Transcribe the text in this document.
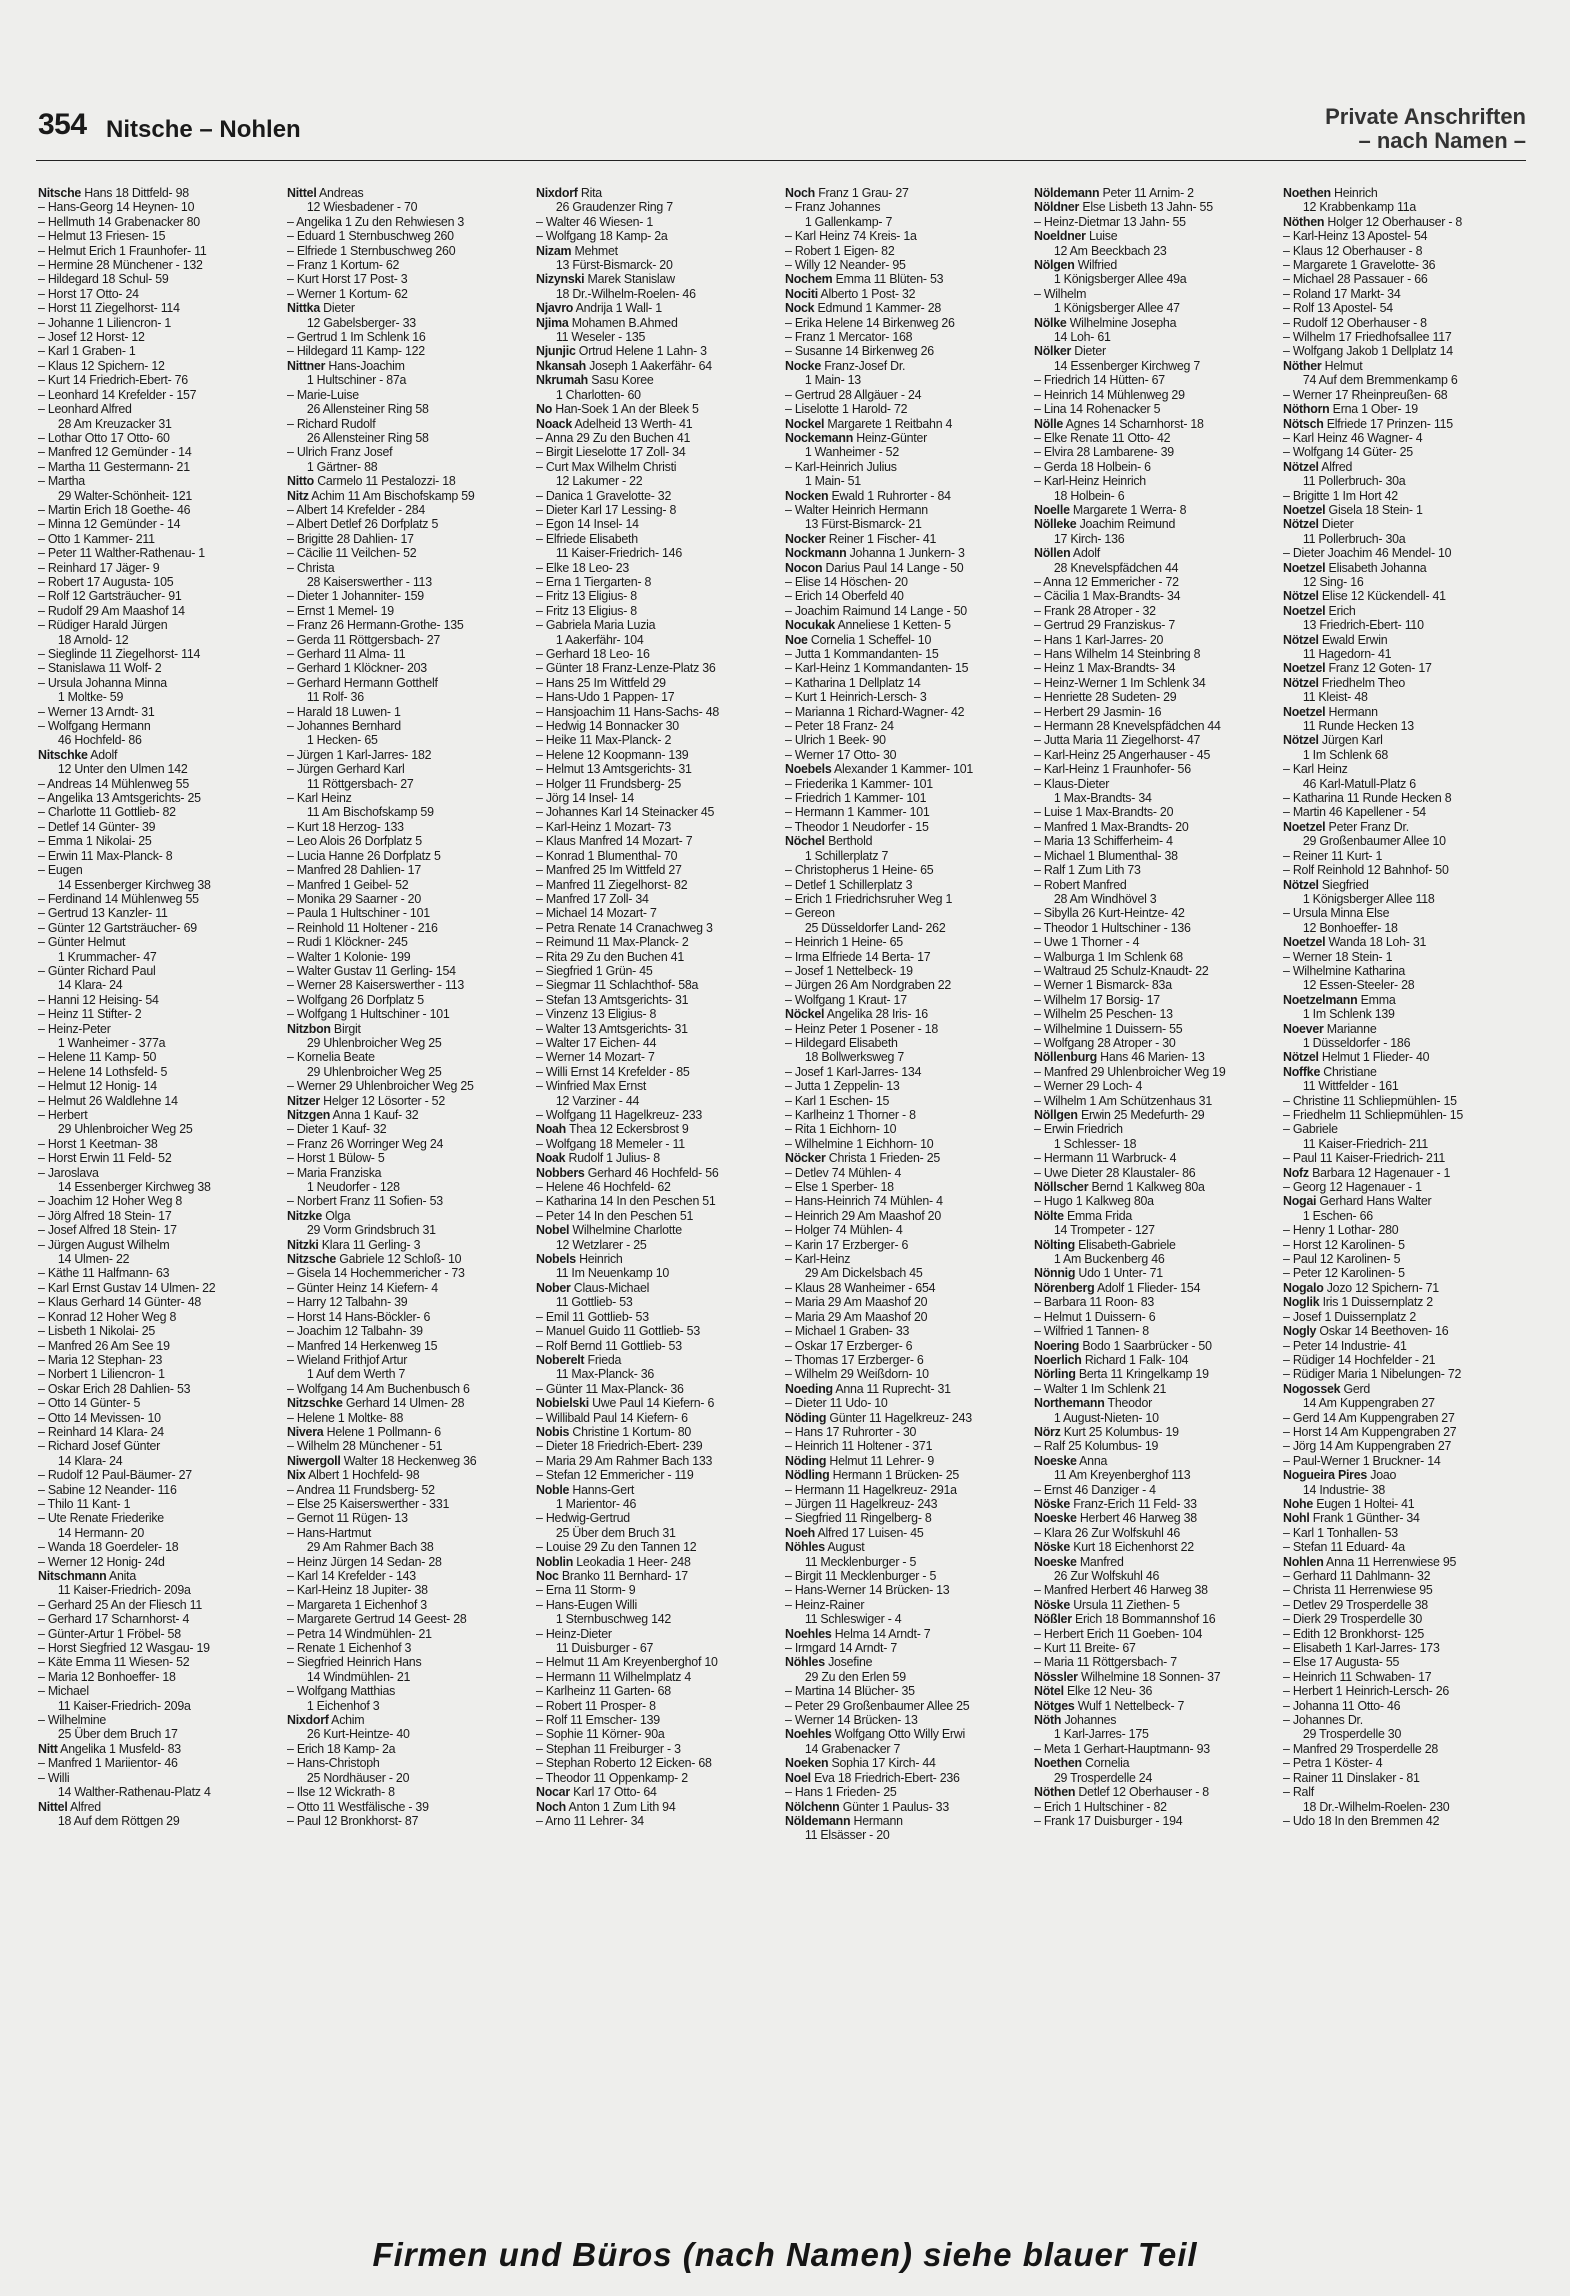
354 Nitsche – Nohlen	Private Anschriften
– nach Namen –
Nitsche Hans 18 Dittfeld- 98
– Hans-Georg 14 Heynen- 10
– Hellmuth 14 Grabenacker 80
– Helmut 13 Friesen- 15
– Helmut Erich 1 Fraunhofer- 11
– Hermine 28 Münchener - 132
– Hildegard 18 Schul- 59
– Horst 17 Otto- 24
– Horst 11 Ziegelhorst- 114
– Johanne 1 Liliencron- 1
– Josef 12 Horst- 12
– Karl 1 Graben- 1
– Klaus 12 Spichern- 12
– Kurt 14 Friedrich-Ebert- 76
– Leonhard 14 Krefelder - 157
– Leonhard Alfred
28 Am Kreuzacker 31
– Lothar Otto 17 Otto- 60
– Manfred 12 Gemünder - 14
– Martha 11 Gestermann- 21
– Martha
29 Walter-Schönheit- 121
– Martin Erich 18 Goethe- 46
– Minna 12 Gemünder - 14
– Otto 1 Kammer- 211
– Peter 11 Walther-Rathenau- 1
– Reinhard 17 Jäger- 9
– Robert 17 Augusta- 105
– Rolf 12 Gartsträucher- 91
– Rudolf 29 Am Maashof 14
– Rüdiger Harald Jürgen
18 Arnold- 12
– Sieglinde 11 Ziegelhorst- 114
– Stanislawa 11 Wolf- 2
– Ursula Johanna Minna
1 Moltke- 59
– Werner 13 Arndt- 31
– Wolfgang Hermann
46 Hochfeld- 86
Nitschke Adolf
12 Unter den Ulmen 142
– Andreas 14 Mühlenweg 55
– Angelika 13 Amtsgerichts- 25
– Charlotte 11 Gottlieb- 82
– Detlef 14 Günter- 39
– Emma 1 Nikolai- 25
– Erwin 11 Max-Planck- 8
– Eugen
14 Essenberger Kirchweg 38
– Ferdinand 14 Mühlenweg 55
– Gertrud 13 Kanzler- 11
– Günter 12 Gartsträucher- 69
– Günter Helmut
1 Krummacher- 47
– Günter Richard Paul
14 Klara- 24
– Hanni 12 Heising- 54
– Heinz 11 Stifter- 2
– Heinz-Peter
1 Wanheimer - 377a
– Helene 11 Kamp- 50
– Helene 14 Lothsfeld- 5
– Helmut 12 Honig- 14
– Helmut 26 Waldlehne 14
– Herbert
29 Uhlenbroicher Weg 25
– Horst 1 Keetman- 38
– Horst Erwin 11 Feld- 52
– Jaroslava
14 Essenberger Kirchweg 38
– Joachim 12 Hoher Weg 8
– Jörg Alfred 18 Stein- 17
– Josef Alfred 18 Stein- 17
– Jürgen August Wilhelm
14 Ulmen- 22
– Käthe 11 Halfmann- 63
– Karl Ernst Gustav 14 Ulmen- 22
– Klaus Gerhard 14 Günter- 48
– Konrad 12 Hoher Weg 8
– Lisbeth 1 Nikolai- 25
– Manfred 26 Am See 19
– Maria 12 Stephan- 23
– Norbert 1 Liliencron- 1
– Oskar Erich 28 Dahlien- 53
– Otto 14 Günter- 5
– Otto 14 Mevissen- 10
– Reinhard 14 Klara- 24
– Richard Josef Günter
14 Klara- 24
– Rudolf 12 Paul-Bäumer- 27
– Sabine 12 Neander- 116
– Thilo 11 Kant- 1
– Ute Renate Friederike
14 Hermann- 20
– Wanda 18 Goerdeler- 18
– Werner 12 Honig- 24d
Nitschmann Anita
11 Kaiser-Friedrich- 209a
– Gerhard 25 An der Fliesch 11
– Gerhard 17 Scharnhorst- 4
– Günter-Artur 1 Fröbel- 58
– Horst Siegfried 12 Wasgau- 19
– Käte Emma 11 Wiesen- 52
– Maria 12 Bonhoeffer- 18
– Michael
11 Kaiser-Friedrich- 209a
– Wilhelmine
25 Über dem Bruch 17
Nitt Angelika 1 Musfeld- 83
– Manfred 1 Mariientor- 46
– Willi
14 Walther-Rathenau-Platz 4
Nittel Alfred
18 Auf dem Röttgen 29
Nittel Andreas
12 Wiesbadener - 70
– Angelika 1 Zu den Rehwiesen 3
– Eduard 1 Sternbuschweg 260
– Elfriede 1 Sternbuschweg 260
– Franz 1 Kortum- 62
– Kurt Horst 17 Post- 3
– Werner 1 Kortum- 62
Nittka Dieter
12 Gabelsberger- 33
– Gertrud 1 Im Schlenk 16
– Hildegard 11 Kamp- 122
Nittner Hans-Joachim
1 Hultschiner - 87a
– Marie-Luise
26 Allensteiner Ring 58
– Richard Rudolf
26 Allensteiner Ring 58
– Ulrich Franz Josef
1 Gärtner- 88
Nitto Carmelo 11 Pestalozzi- 18
Nitz Achim 11 Am Bischofskamp 59
– Albert 14 Krefelder - 284
– Albert Detlef 26 Dorfplatz 5
– Brigitte 28 Dahlien- 17
– Cäcilie 11 Veilchen- 52
– Christa
28 Kaiserswerther - 113
– Dieter 1 Johanniter- 159
– Ernst 1 Memel- 19
– Franz 26 Hermann-Grothe- 135
– Gerda 11 Röttgersbach- 27
– Gerhard 11 Alma- 11
– Gerhard 1 Klöckner- 203
– Gerhard Hermann Gotthelf
11 Rolf- 36
– Harald 18 Luwen- 1
– Johannes Bernhard
1 Hecken- 65
– Jürgen 1 Karl-Jarres- 182
– Jürgen Gerhard Karl
11 Röttgersbach- 27
– Karl Heinz
11 Am Bischofskamp 59
– Kurt 18 Herzog- 133
– Leo Alois 26 Dorfplatz 5
– Lucia Hanne 26 Dorfplatz 5
– Manfred 28 Dahlien- 17
– Manfred 1 Geibel- 52
– Monika 29 Saarner - 20
– Paula 1 Hultschiner - 101
– Reinhold 11 Holtener - 216
– Rudi 1 Klöckner- 245
– Walter 1 Kolonie- 199
– Walter Gustav 11 Gerling- 154
– Werner 28 Kaiserswerther - 113
– Wolfgang 26 Dorfplatz 5
– Wolfgang 1 Hultschiner - 101
Nitzbon Birgit
29 Uhlenbroicher Weg 25
– Kornelia Beate
29 Uhlenbroicher Weg 25
– Werner 29 Uhlenbroicher Weg 25
Nitzer Helger 12 Lösorter - 52
Nitzgen Anna 1 Kauf- 32
– Dieter 1 Kauf- 32
– Franz 26 Worringer Weg 24
– Horst 1 Bülow- 5
– Maria Franziska
1 Neudorfer - 128
– Norbert Franz 11 Sofien- 53
Nitzke Olga
29 Vorm Grindsbruch 31
Nitzki Klara 11 Gerling- 3
Nitzsche Gabriele 12 Schloß- 10
– Gisela 14 Hochemmericher - 73
– Günter Heinz 14 Kiefern- 4
– Harry 12 Talbahn- 39
– Horst 14 Hans-Böckler- 6
– Joachim 12 Talbahn- 39
– Manfred 14 Herkenweg 15
– Wieland Frithjof Artur
1 Auf dem Werth 7
– Wolfgang 14 Am Buchenbusch 6
Nitzschke Gerhard 14 Ulmen- 28
– Helene 1 Moltke- 88
Nivera Helene 1 Pollmann- 6
– Wilhelm 28 Münchener - 51
Niwergoll Walter 18 Heckenweg 36
Nix Albert 1 Hochfeld- 98
– Andrea 11 Frundsberg- 52
– Else 25 Kaiserswerther - 331
– Gernot 11 Rügen- 13
– Hans-Hartmut
29 Am Rahmer Bach 38
– Heinz Jürgen 14 Sedan- 28
– Karl 14 Krefelder - 143
– Karl-Heinz 18 Jupiter- 38
– Margareta 1 Eichenhof 3
– Margarete Gertrud 14 Geest- 28
– Petra 14 Windmühlen- 21
– Renate 1 Eichenhof 3
– Siegfried Heinrich Hans
14 Windmühlen- 21
– Wolfgang Matthias
1 Eichenhof 3
Nixdorf Achim
26 Kurt-Heintze- 40
– Erich 18 Kamp- 2a
– Hans-Christoph
25 Nordhäuser - 20
– Ilse 12 Wickrath- 8
– Otto 11 Westfälische - 39
– Paul 12 Bronkhorst- 87
Nixdorf Rita
26 Graudenzer Ring 7
– Walter 46 Wiesen- 1
– Wolfgang 18 Kamp- 2a
Nizam Mehmet
13 Fürst-Bismarck- 20
Nizynski Marek Stanislaw
18 Dr.-Wilhelm-Roelen- 46
Njavro Andrija 1 Wall- 1
Njima Mohamen B.Ahmed
11 Weseler - 135
Njunjic Ortrud Helene 1 Lahn- 3
Nkansah Joseph 1 Aakerfähr- 64
Nkrumah Sasu Koree
1 Charlotten- 60
No Han-Soek 1 An der Bleek 5
Noack Adelheid 13 Werth- 41
– Anna 29 Zu den Buchen 41
– Birgit Lieselotte 17 Zoll- 34
– Curt Max Wilhelm Christi
12 Lakumer - 22
– Danica 1 Gravelotte- 32
– Dieter Karl 17 Lessing- 8
– Egon 14 Insel- 14
– Elfriede Elisabeth
11 Kaiser-Friedrich- 146
– Elke 18 Leo- 23
– Erna 1 Tiergarten- 8
– Fritz 13 Eligius- 8
– Fritz 13 Eligius- 8
– Gabriela Maria Luzia
1 Aakerfähr- 104
– Gerhard 18 Leo- 16
– Günter 18 Franz-Lenze-Platz 36
– Hans 25 Im Wittfeld 29
– Hans-Udo 1 Pappen- 17
– Hansjoachim 11 Hans-Sachs- 48
– Hedwig 14 Bonnacker 30
– Heike 11 Max-Planck- 2
– Helene 12 Koopmann- 139
– Helmut 13 Amtsgerichts- 31
– Holger 11 Frundsberg- 25
– Jörg 14 Insel- 14
– Johannes Karl 14 Steinacker 45
– Karl-Heinz 1 Mozart- 73
– Klaus Manfred 14 Mozart- 7
– Konrad 1 Blumenthal- 70
– Manfred 25 Im Wittfeld 27
– Manfred 11 Ziegelhorst- 82
– Manfred 17 Zoll- 34
– Michael 14 Mozart- 7
– Petra Renate 14 Cranachweg 3
– Reimund 11 Max-Planck- 2
– Rita 29 Zu den Buchen 41
– Siegfried 1 Grün- 45
– Siegmar 11 Schlachthof- 58a
– Stefan 13 Amtsgerichts- 31
– Vinzenz 13 Eligius- 8
– Walter 13 Amtsgerichts- 31
– Walter 17 Eichen- 44
– Werner 14 Mozart- 7
– Willi Ernst 14 Krefelder - 85
– Winfried Max Ernst
12 Varziner - 44
– Wolfgang 11 Hagelkreuz- 233
Noah Thea 12 Eckersbrost 9
– Wolfgang 18 Memeler - 11
Noak Rudolf 1 Julius- 8
Nobbers Gerhard 46 Hochfeld- 56
– Helene 46 Hochfeld- 62
– Katharina 14 In den Peschen 51
– Peter 14 In den Peschen 51
Nobel Wilhelmine Charlotte
12 Wetzlarer - 25
Nobels Heinrich
11 Im Neuenkamp 10
Nober Claus-Michael
11 Gottlieb- 53
– Emil 11 Gottlieb- 53
– Manuel Guido 11 Gottlieb- 53
– Rolf Bernd 11 Gottlieb- 53
Noberelt Frieda
11 Max-Planck- 36
– Günter 11 Max-Planck- 36
Nobielski Uwe Paul 14 Kiefern- 6
– Willibald Paul 14 Kiefern- 6
Nobis Christine 1 Kortum- 80
– Dieter 18 Friedrich-Ebert- 239
– Maria 29 Am Rahmer Bach 133
– Stefan 12 Emmericher - 119
Noble Hanns-Gert
1 Marientor- 46
– Hedwig-Gertrud
25 Über dem Bruch 31
– Louise 29 Zu den Tannen 12
Noblin Leokadia 1 Heer- 248
Noc Branko 11 Bernhard- 17
– Erna 11 Storm- 9
– Hans-Eugen Willi
1 Sternbuschweg 142
– Heinz-Dieter
11 Duisburger - 67
– Helmut 11 Am Kreyenberghof 10
– Hermann 11 Wilhelmplatz 4
– Karlheinz 11 Garten- 68
– Robert 11 Prosper- 8
– Rolf 11 Emscher- 139
– Sophie 11 Körner- 90a
– Stephan 11 Freiburger - 3
– Stephan Roberto 12 Eicken- 68
– Theodor 11 Oppenkamp- 2
Nocar Karl 17 Otto- 64
Noch Anton 1 Zum Lith 94
– Arno 11 Lehrer- 34
Noch Franz 1 Grau- 27
– Franz Johannes
1 Gallenkamp- 7
– Karl Heinz 74 Kreis- 1a
– Robert 1 Eigen- 82
– Willy 12 Neander- 95
Nochem Emma 11 Blüten- 53
Nociti Alberto 1 Post- 32
Nock Edmund 1 Kammer- 28
– Erika Helene 14 Birkenweg 26
– Franz 1 Mercator- 168
– Susanne 14 Birkenweg 26
Nocke Franz-Josef Dr.
1 Main- 13
– Gertrud 28 Allgäuer - 24
– Liselotte 1 Harold- 72
Nockel Margarete 1 Reitbahn 4
Nockemann Heinz-Günter
1 Wanheimer - 52
– Karl-Heinrich Julius
1 Main- 51
Nocken Ewald 1 Ruhrorter - 84
– Walter Heinrich Hermann
13 Fürst-Bismarck- 21
Nocker Reiner 1 Fischer- 41
Nockmann Johanna 1 Junkern- 3
Nocon Darius Paul 14 Lange - 50
– Elise 14 Höschen- 20
– Erich 14 Oberfeld 40
– Joachim Raimund 14 Lange - 50
Nocukak Anneliese 1 Ketten- 5
Noe Cornelia 1 Scheffel- 10
– Jutta 1 Kommandanten- 15
– Karl-Heinz 1 Kommandanten- 15
– Katharina 1 Dellplatz 14
– Kurt 1 Heinrich-Lersch- 3
– Marianna 1 Richard-Wagner- 42
– Peter 18 Franz- 24
– Ulrich 1 Beek- 90
– Werner 17 Otto- 30
Noebels Alexander 1 Kammer- 101
– Friederika 1 Kammer- 101
– Friedrich 1 Kammer- 101
– Hermann 1 Kammer- 101
– Theodor 1 Neudorfer - 15
Nöchel Berthold
1 Schillerplatz 7
– Christopherus 1 Heine- 65
– Detlef 1 Schillerplatz 3
– Erich 1 Friedrichsruher Weg 1
– Gereon
25 Düsseldorfer Land- 262
– Heinrich 1 Heine- 65
– Irma Elfriede 14 Berta- 17
– Josef 1 Nettelbeck- 19
– Jürgen 26 Am Nordgraben 22
– Wolfgang 1 Kraut- 17
Nöckel Angelika 28 Iris- 16
– Heinz Peter 1 Posener - 18
– Hildegard Elisabeth
18 Bollwerksweg 7
– Josef 1 Karl-Jarres- 134
– Jutta 1 Zeppelin- 13
– Karl 1 Eschen- 15
– Karlheinz 1 Thorner - 8
– Rita 1 Eichhorn- 10
– Wilhelmine 1 Eichhorn- 10
Nöcker Christa 1 Frieden- 25
– Detlev 74 Mühlen- 4
– Else 1 Sperber- 18
– Hans-Heinrich 74 Mühlen- 4
– Heinrich 29 Am Maashof 20
– Holger 74 Mühlen- 4
– Karin 17 Erzberger- 6
– Karl-Heinz
29 Am Dickelsbach 45
– Klaus 28 Wanheimer - 654
– Maria 29 Am Maashof 20
– Maria 29 Am Maashof 20
– Michael 1 Graben- 33
– Oskar 17 Erzberger- 6
– Thomas 17 Erzberger- 6
– Wilhelm 29 Weißdorn- 10
Noeding Anna 11 Ruprecht- 31
– Dieter 11 Udo- 10
Nöding Günter 11 Hagelkreuz- 243
– Hans 17 Ruhrorter - 30
– Heinrich 11 Holtener - 371
Nöding Helmut 11 Lehrer- 9
Nödling Hermann 1 Brücken- 25
– Hermann 11 Hagelkreuz- 291a
– Jürgen 11 Hagelkreuz- 243
– Siegfried 11 Ringelberg- 8
Noeh Alfred 17 Luisen- 45
Nöhles August
11 Mecklenburger - 5
– Birgit 11 Mecklenburger - 5
– Hans-Werner 14 Brücken- 13
– Heinz-Rainer
11 Schleswiger - 4
Noehles Helma 14 Arndt- 7
– Irmgard 14 Arndt- 7
Nöhles Josefine
29 Zu den Erlen 59
– Martina 14 Blücher- 35
– Peter 29 Großenbaumer Allee 25
– Werner 14 Brücken- 13
Noehles Wolfgang Otto Willy Erwi
14 Grabenacker 7
Noeken Sophia 17 Kirch- 44
Noel Eva 18 Friedrich-Ebert- 236
– Hans 1 Frieden- 25
Nölchenn Günter 1 Paulus- 33
Nöldemann Hermann
11 Elsässer - 20
Nöldemann Peter 11 Arnim- 2
Nöldner Else Lisbeth 13 Jahn- 55
– Heinz-Dietmar 13 Jahn- 55
Noeldner Luise
12 Am Beeckbach 23
Nölgen Wilfried
1 Königsberger Allee 49a
– Wilhelm
1 Königsberger Allee 47
Nölke Wilhelmine Josepha
14 Loh- 61
Nölker Dieter
14 Essenberger Kirchweg 7
– Friedrich 14 Hütten- 67
– Heinrich 14 Mühlenweg 29
– Lina 14 Rohenacker 5
Nölle Agnes 14 Scharnhorst- 18
– Elke Renate 11 Otto- 42
– Elvira 28 Lambarene- 39
– Gerda 18 Holbein- 6
– Karl-Heinz Heinrich
18 Holbein- 6
Noelle Margarete 1 Werra- 8
Nölleke Joachim Reimund
17 Kirch- 136
Nöllen Adolf
28 Knevelspfädchen 44
– Anna 12 Emmericher - 72
– Cäcilia 1 Max-Brandts- 34
– Frank 28 Atroper - 32
– Gertrud 29 Franziskus- 7
– Hans 1 Karl-Jarres- 20
– Hans Wilhelm 14 Steinbring 8
– Heinz 1 Max-Brandts- 34
– Heinz-Werner 1 Im Schlenk 34
– Henriette 28 Sudeten- 29
– Herbert 29 Jasmin- 16
– Hermann 28 Knevelspfädchen 44
– Jutta Maria 11 Ziegelhorst- 47
– Karl-Heinz 25 Angerhauser - 45
– Karl-Heinz 1 Fraunhofer- 56
– Klaus-Dieter
1 Max-Brandts- 34
– Luise 1 Max-Brandts- 20
– Manfred 1 Max-Brandts- 20
– Maria 13 Schifferheim- 4
– Michael 1 Blumenthal- 38
– Ralf 1 Zum Lith 73
– Robert Manfred
28 Am Windhövel 3
– Sibylla 26 Kurt-Heintze- 42
– Theodor 1 Hultschiner - 136
– Uwe 1 Thorner - 4
– Walburga 1 Im Schlenk 68
– Waltraud 25 Schulz-Knaudt- 22
– Werner 1 Bismarck- 83a
– Wilhelm 17 Borsig- 17
– Wilhelm 25 Peschen- 13
– Wilhelmine 1 Duissern- 55
– Wolfgang 28 Atroper - 30
Nöllenburg Hans 46 Marien- 13
– Manfred 29 Uhlenbroicher Weg 19
– Werner 29 Loch- 4
– Wilhelm 1 Am Schützenhaus 31
Nöllgen Erwin 25 Medefurth- 29
– Erwin Friedrich
1 Schlesser- 18
– Hermann 11 Warbruck- 4
– Uwe Dieter 28 Klaustaler- 86
Nöllscher Bernd 1 Kalkweg 80a
– Hugo 1 Kalkweg 80a
Nölte Emma Frida
14 Trompeter - 127
Nölting Elisabeth-Gabriele
1 Am Buckenberg 46
Nönnig Udo 1 Unter- 71
Nörenberg Adolf 1 Flieder- 154
– Barbara 11 Roon- 83
– Helmut 1 Duissern- 6
– Wilfried 1 Tannen- 8
Noering Bodo 1 Saarbrücker - 50
Noerlich Richard 1 Falk- 104
Nörling Berta 11 Kringelkamp 19
– Walter 1 Im Schlenk 21
Northemann Theodor
1 August-Nieten- 10
Nörz Kurt 25 Kolumbus- 19
– Ralf 25 Kolumbus- 19
Noeske Anna
11 Am Kreyenberghof 113
– Ernst 46 Danziger - 4
Nöske Franz-Erich 11 Feld- 33
Noeske Herbert 46 Harweg 38
– Klara 26 Zur Wolfskuhl 46
Nöske Kurt 18 Eichenhorst 22
Noeske Manfred
26 Zur Wolfskuhl 46
– Manfred Herbert 46 Harweg 38
Nöske Ursula 11 Ziethen- 5
Nößler Erich 18 Bommannshof 16
– Herbert Erich 11 Goeben- 104
– Kurt 11 Breite- 67
– Maria 11 Röttgersbach- 7
Nössler Wilhelmine 18 Sonnen- 37
Nötel Elke 12 Neu- 36
Nötges Wulf 1 Nettelbeck- 7
Nöth Johannes
1 Karl-Jarres- 175
– Meta 1 Gerhart-Hauptmann- 93
Noethen Cornelia
29 Trosperdelle 24
Nöthen Detlef 12 Oberhauser - 8
– Erich 1 Hultschiner - 82
– Frank 17 Duisburger - 194
Noethen Heinrich
12 Krabbenkamp 11a
Nöthen Holger 12 Oberhauser - 8
– Karl-Heinz 13 Apostel- 54
– Klaus 12 Oberhauser - 8
– Margarete 1 Gravelotte- 36
– Michael 28 Passauer - 66
– Roland 17 Markt- 34
– Rolf 13 Apostel- 54
– Rudolf 12 Oberhauser - 8
– Wilhelm 17 Friedhofsallee 117
– Wolfgang Jakob 1 Dellplatz 14
Nöther Helmut
74 Auf dem Bremmenkamp 6
– Werner 17 Rheinpreußen- 68
Nöthorn Erna 1 Ober- 19
Nötsch Elfriede 17 Prinzen- 115
– Karl Heinz 46 Wagner- 4
– Wolfgang 14 Güter- 25
Nötzel Alfred
11 Pollerbruch- 30a
– Brigitte 1 Im Hort 42
Noetzel Gisela 18 Stein- 1
Nötzel Dieter
11 Pollerbruch- 30a
– Dieter Joachim 46 Mendel- 10
Noetzel Elisabeth Johanna
12 Sing- 16
Nötzel Elise 12 Kückendell- 41
Noetzel Erich
13 Friedrich-Ebert- 110
Nötzel Ewald Erwin
11 Hagedorn- 41
Noetzel Franz 12 Goten- 17
Nötzel Friedhelm Theo
11 Kleist- 48
Noetzel Hermann
11 Runde Hecken 13
Nötzel Jürgen Karl
1 Im Schlenk 68
– Karl Heinz
46 Karl-Matull-Platz 6
– Katharina 11 Runde Hecken 8
– Martin 46 Kapellener - 54
Noetzel Peter Franz Dr.
29 Großenbaumer Allee 10
– Reiner 11 Kurt- 1
– Rolf Reinhold 12 Bahnhof- 50
Nötzel Siegfried
1 Königsberger Allee 118
– Ursula Minna Else
12 Bonhoeffer- 18
Noetzel Wanda 18 Loh- 31
– Werner 18 Stein- 1
– Wilhelmine Katharina
12 Essen-Steeler- 28
Noetzelmann Emma
1 Im Schlenk 139
Noever Marianne
1 Düsseldorfer - 186
Nötzel Helmut 1 Flieder- 40
Noffke Christiane
11 Wittfelder - 161
– Christine 11 Schliepmühlen- 15
– Friedhelm 11 Schliepmühlen- 15
– Gabriele
11 Kaiser-Friedrich- 211
– Paul 11 Kaiser-Friedrich- 211
Nofz Barbara 12 Hagenauer - 1
– Georg 12 Hagenauer - 1
Nogai Gerhard Hans Walter
1 Eschen- 66
– Henry 1 Lothar- 280
– Horst 12 Karolinen- 5
– Paul 12 Karolinen- 5
– Peter 12 Karolinen- 5
Nogalo Jozo 12 Spichern- 71
Noglik Iris 1 Duissernplatz 2
– Josef 1 Duissernplatz 2
Nogly Oskar 14 Beethoven- 16
– Peter 14 Industrie- 41
– Rüdiger 14 Hochfelder - 21
– Rüdiger Maria 1 Nibelungen- 72
Nogossek Gerd
14 Am Kuppengraben 27
– Gerd 14 Am Kuppengraben 27
– Horst 14 Am Kuppengraben 27
– Jörg 14 Am Kuppengraben 27
– Paul-Werner 1 Bruckner- 14
Nogueira Pires Joao
14 Industrie- 38
Nohe Eugen 1 Holtei- 41
Nohl Frank 1 Günther- 34
– Karl 1 Tonhallen- 53
– Stefan 11 Eduard- 4a
Nohlen Anna 11 Herrenwiese 95
– Gerhard 11 Dahlmann- 32
– Christa 11 Herrenwiese 95
– Detlev 29 Trosperdelle 38
– Dierk 29 Trosperdelle 30
– Edith 12 Bronkhorst- 125
– Elisabeth 1 Karl-Jarres- 173
– Else 17 Augusta- 55
– Heinrich 11 Schwaben- 17
– Herbert 1 Heinrich-Lersch- 26
– Johanna 11 Otto- 46
– Johannes Dr.
29 Trosperdelle 30
– Manfred 29 Trosperdelle 28
– Petra 1 Köster- 4
– Rainer 11 Dinslaker - 81
– Ralf
18 Dr.-Wilhelm-Roelen- 230
– Udo 18 In den Bremmen 42
Firmen und Büros (nach Namen) siehe blauer Teil
